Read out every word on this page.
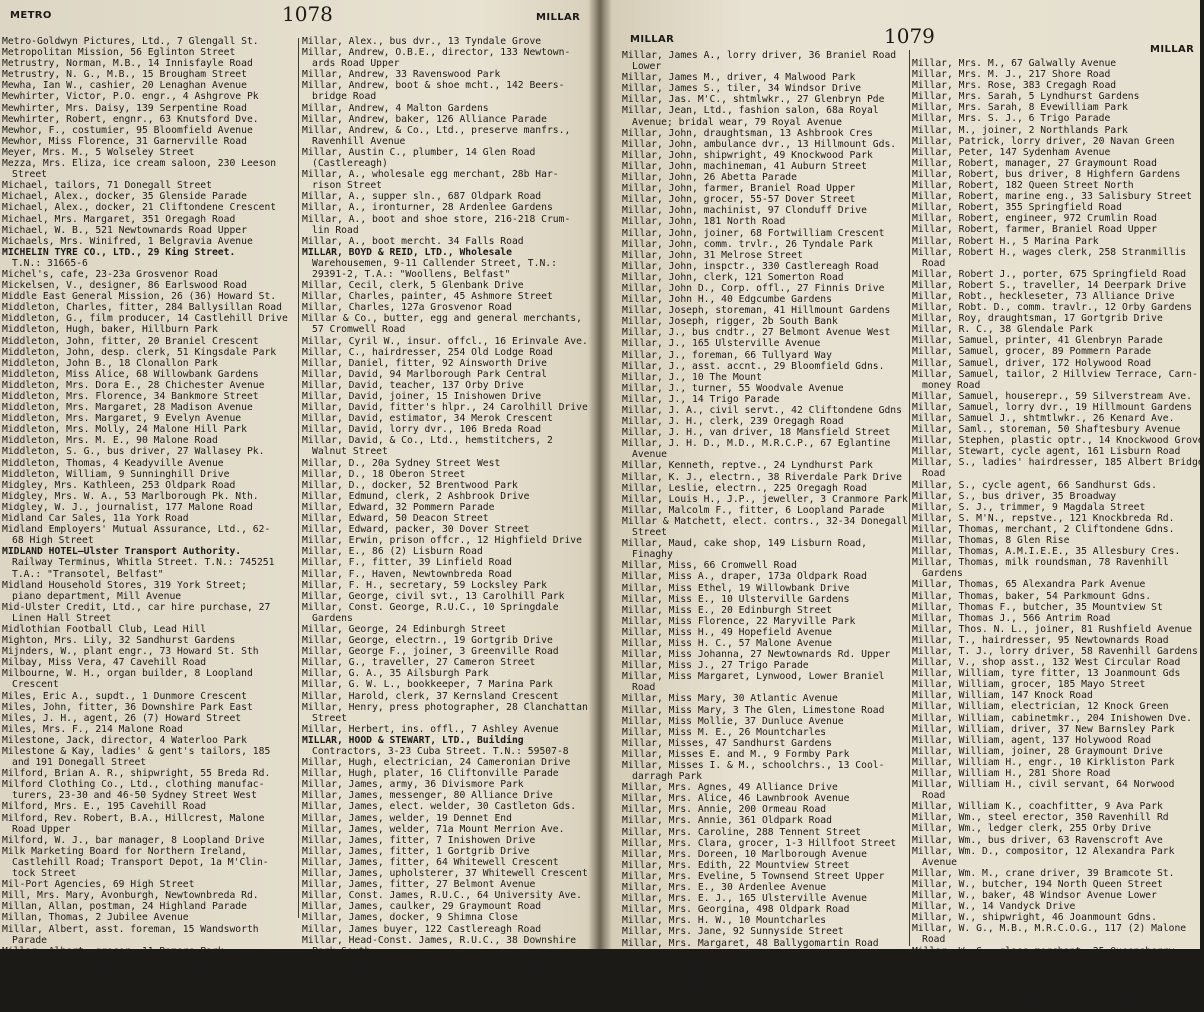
METRO	1078	MILLAR
Metro-Goldwyn Pictures, Ltd., 7 Glengall St.
Metropolitan Mission, 56 Eglinton Street
Metrustry, Norman, M.B., 14 Innisfayle Road
Metrustry, N. G., M.B., 15 Brougham Street
Mewha, Ian W., cashier, 20 Lenaghan Avenue
Mewhirter, Victor, P.O. engr., 4 Ashgrove Pk
Mewhirter, Mrs. Daisy, 139 Serpentine Road
Mewhirter, Robert, engnr., 63 Knutsford Dve.
Mewhor, F., costumier, 95 Bloomfield Avenue
Mewhor, Miss Florence, 31 Garnerville Road
Meyer, Mrs. M., 5 Wolseley Street
Mezza, Mrs. Eliza, ice cream saloon, 230 Leeson
Street
Michael, tailors, 71 Donegall Street
Michael, Alex., docker, 35 Glenside Parade
Michael, Alex., docker, 21 Cliftondene Crescent
Michael, Mrs. Margaret, 351 Oregagh Road
Michael, W. B., 521 Newtownards Road Upper
Michaels, Mrs. Winifred, 1 Belgravia Avenue
MICHELIN TYRE CO., LTD., 29 King Street.
T.N.: 31665-6
Michel's, cafe, 23-23a Grosvenor Road
Mickelsen, V., designer, 86 Earlswood Road
Middle East General Mission, 26 (36) Howard St.
Middleton, Charles, fitter, 284 Ballysillan Road
Middleton, G., film producer, 14 Castlehill Drive
Middleton, Hugh, baker, Hillburn Park
Middleton, John, fitter, 20 Braniel Crescent
Middleton, John, desp. clerk, 51 Kingsdale Park
Middleton, John B., 18 Clonallon Park
Middleton, Miss Alice, 68 Willowbank Gardens
Middleton, Mrs. Dora E., 28 Chichester Avenue
Middleton, Mrs. Florence, 34 Bankmore Street
Middleton, Mrs. Margaret, 28 Madison Avenue
Middleton, Mrs. Margaret, 9 Evelyn Avenue
Middleton, Mrs. Molly, 24 Malone Hill Park
Middleton, Mrs. M. E., 90 Malone Road
Middleton, S. G., bus driver, 27 Wallasey Pk.
Middleton, Thomas, 4 Keadyville Avenue
Middleton, William, 9 Sunninghill Drive
Midgley, Mrs. Kathleen, 253 Oldpark Road
Midgley, Mrs. W. A., 53 Marlborough Pk. Nth.
Midgley, W. J., journalist, 177 Malone Road
Midland Car Sales, 11a York Road
Midland Employers' Mutual Assurance, Ltd., 62-
68 High Street
MIDLAND HOTEL—Ulster Transport Authority.
Railway Terminus, Whitla Street. T.N.: 745251
T.A.: "Transotel, Belfast"
Midland Household Stores, 319 York Street;
piano department, Mill Avenue
Mid-Ulster Credit, Ltd., car hire purchase, 27
Linen Hall Street
Midlothian Football Club, Lead Hill
Mighton, Mrs. Lily, 32 Sandhurst Gardens
Mijnders, W., plant engr., 73 Howard St. Sth
Milbay, Miss Vera, 47 Cavehill Road
Milbourne, W. H., organ builder, 8 Loopland
Crescent
Miles, Eric A., supdt., 1 Dunmore Crescent
Miles, John, fitter, 36 Downshire Park East
Miles, J. H., agent, 26 (7) Howard Street
Miles, Mrs. F., 214 Malone Road
Milestone, Jack, director, 4 Waterloo Park
Milestone & Kay, ladies' & gent's tailors, 185
and 191 Donegall Street
Milford, Brian A. R., shipwright, 55 Breda Rd.
Milford Clothing Co., Ltd., clothing manufac-
turers, 23-30 and 46-50 Sydney Street West
Milford, Mrs. E., 195 Cavehill Road
Milford, Rev. Robert, B.A., Hillcrest, Malone
Road Upper
Milford, W. J., bar manager, 8 Loopland Drive
Milk Marketing Board for Northern Ireland,
Castlehill Road; Transport Depot, 1a M'Clin-
tock Street
Mil-Port Agencies, 69 High Street
Mill, Mrs. Mary, Avonburgh, Newtownbreda Rd.
Millan, Allan, postman, 24 Highland Parade
Millan, Thomas, 2 Jubilee Avenue
Millar, Albert, asst. foreman, 15 Wandsworth
Parade
Millar, Albert, grocer, 11 Ramore Park
Millar, Albert, joiner, 81 Mount Merrion Avenue
Millar, Alex., tobacconist & confctr., 125-127
Connsbrook Avenue
Millar, Alex., bus dvr., 13 Tyndale Grove
Millar, Andrew, O.B.E., director, 133 Newtown-
ards Road Upper
Millar, Andrew, 33 Ravenswood Park
Millar, Andrew, boot & shoe mcht., 142 Beers-
bridge Road
Millar, Andrew, 4 Malton Gardens
Millar, Andrew, baker, 126 Alliance Parade
Millar, Andrew, & Co., Ltd., preserve manfrs.,
Ravenhill Avenue
Millar, Austin C., plumber, 14 Glen Road
(Castlereagh)
Millar, A., wholesale egg merchant, 28b Har-
rison Street
Millar, A., supper sln., 687 Oldpark Road
Millar, A., ironturner, 28 Ardenlee Gardens
Millar, A., boot and shoe store, 216-218 Crum-
lin Road
Millar, A., boot mercht. 34 Falls Road
MILLAR, BOYD & REID, LTD., Wholesale
Warehousemen, 9-11 Callender Street, T.N.:
29391-2, T.A.: "Woollens, Belfast"
Millar, Cecil, clerk, 5 Glenbank Drive
Millar, Charles, painter, 45 Ashmore Street
Millar, Charles, 127a Grosvenor Road
Millar & Co., butter, egg and general merchants,
57 Cromwell Road
Millar, Cyril W., insur. offcl., 16 Erinvale Ave.
Millar, C., hairdresser, 254 Old Lodge Road
Millar, Daniel, fitter, 92 Ainsworth Drive
Millar, David, 94 Marlborough Park Central
Millar, David, teacher, 137 Orby Drive
Millar, David, joiner, 15 Inishowen Drive
Millar, David, fitter's hlpr., 24 Carolhill Drive
Millar, David, estimator, 34 Merok Crescent
Millar, David, lorry dvr., 106 Breda Road
Millar, David, & Co., Ltd., hemstitchers, 2
Walnut Street
Millar, D., 20a Sydney Street West
Millar, D., 18 Oberon Street
Millar, D., docker, 52 Brentwood Park
Millar, Edmund, clerk, 2 Ashbrook Drive
Millar, Edward, 32 Pommern Parade
Millar, Edward, 50 Deacon Street
Millar, Edward, packer, 30 Dover Street
Millar, Erwin, prison offcr., 12 Highfield Drive
Millar, E., 86 (2) Lisburn Road
Millar, F., fitter, 39 Linfield Road
Millar, F., Haven, Newtownbreda Road
Millar, F. H., secretary, 59 Locksley Park
Millar, George, civil svt., 13 Carolhill Park
Millar, Const. George, R.U.C., 10 Springdale
Gardens
Millar, George, 24 Edinburgh Street
Millar, George, electrn., 19 Gortgrib Drive
Millar, George F., joiner, 3 Greenville Road
Millar, G., traveller, 27 Cameron Street
Millar, G. A., 35 Ailsburgh Park
Millar, G. W. L., bookkeeper, 7 Marina Park
Millar, Harold, clerk, 37 Kernsland Crescent
Millar, Henry, press photographer, 28 Clanchattan
Street
Millar, Herbert, ins. offl., 7 Ashley Avenue
MILLAR, HOOD & STEWART, LTD., Building
Contractors, 3-23 Cuba Street. T.N.: 59507-8
Millar, Hugh, electrician, 24 Cameronian Drive
Millar, Hugh, plater, 16 Cliftonville Parade
Millar, James, army, 36 Divismore Park
Millar, James, messenger, 80 Alliance Drive
Millar, James, elect. welder, 30 Castleton Gds.
Millar, James, welder, 19 Dennet End
Millar, James, welder, 71a Mount Merrion Ave.
Millar, James, fitter, 7 Inishowen Drive
Millar, James, fitter, 1 Gortgrib Drive
Millar, James, fitter, 64 Whitewell Crescent
Millar, James, upholsterer, 37 Whitewell Crescent
Millar, James, fitter, 27 Belmont Avenue
Millar, Const. James, R.U.C., 64 University Ave.
Millar, James, caulker, 29 Graymount Road
Millar, James, docker, 9 Shimna Close
Millar, James buyer, 122 Castlereagh Road
Millar, Head-Const. James, R.U.C., 38 Downshire
Park South
Millar, James, lorry driver, 6 Innisfayle Pass
Millar, James A., foreman, 150 West Circular
Road
MILLAR	1079
MILLAR
Millar, James A., lorry driver, 36 Braniel Road
Lower
Millar, James M., driver, 4 Malwood Park
Millar, James S., tiler, 34 Windsor Drive
Millar, Jas. M'C., shtmlwkr., 27 Glenbryn Pde
Millar, Jean, Ltd., fashion salon, 68a Royal
Avenue; bridal wear, 79 Royal Avenue
Millar, John, draughtsman, 13 Ashbrook Cres
Millar, John, ambulance dvr., 13 Hillmount Gds.
Millar, John, shipwright, 49 Knockwood Park
Millar, John, machineman, 41 Auburn Street
Millar, John, 26 Abetta Parade
Millar, John, farmer, Braniel Road Upper
Millar, John, grocer, 55-57 Dover Street
Millar, John, machinist, 97 Clonduff Drive
Millar, John, 181 North Road
Millar, John, joiner, 68 Fortwilliam Crescent
Millar, John, comm. trvlr., 26 Tyndale Park
Millar, John, 31 Melrose Street
Millar, John, inspctr., 330 Castlereagh Road
Millar, John, clerk, 121 Somerton Road
Millar, John D., Corp. offl., 27 Finnis Drive
Millar, John H., 40 Edgcumbe Gardens
Millar, Joseph, storeman, 41 Hillmount Gardens
Millar, Joseph, rigger, 2b South Bank
Millar, J., bus cndtr., 27 Belmont Avenue West
Millar, J., 165 Ulsterville Avenue
Millar, J., foreman, 66 Tullyard Way
Millar, J., asst. accnt., 29 Bloomfield Gdns.
Millar, J., 10 The Mount
Millar, J., turner, 55 Woodvale Avenue
Millar, J., 14 Trigo Parade
Millar, J. A., civil servt., 42 Cliftondene Gdns
Millar, J. H., clerk, 239 Oregagh Road
Millar, J. H., van driver, 18 Mansfield Street
Millar, J. H. D., M.D., M.R.C.P., 67 Eglantine
Avenue
Millar, Kenneth, reptve., 24 Lyndhurst Park
Millar, K. J., electrn., 38 Riverdale Park Drive
Millar, Leslie, electrn., 225 Oregagh Road
Millar, Louis H., J.P., jeweller, 3 Cranmore Park
Millar, Malcolm F., fitter, 6 Loopland Parade
Millar & Matchett, elect. contrs., 32-34 Donegall
Street
Millar, Maud, cake shop, 149 Lisburn Road,
Finaghy
Millar, Miss, 66 Cromwell Road
Millar, Miss A., draper, 173a Oldpark Road
Millar, Miss Ethel, 19 Willowbank Drive
Millar, Miss E., 10 Ulsterville Gardens
Millar, Miss E., 20 Edinburgh Street
Millar, Miss Florence, 22 Maryville Park
Millar, Miss H., 49 Hopefield Avenue
Millar, Miss H. C., 57 Malone Avenue
Millar, Miss Johanna, 27 Newtownards Rd. Upper
Millar, Miss J., 27 Trigo Parade
Millar, Miss Margaret, Lynwood, Lower Braniel
Road
Millar, Miss Mary, 30 Atlantic Avenue
Millar, Miss Mary, 3 The Glen, Limestone Road
Millar, Miss Mollie, 37 Dunluce Avenue
Millar, Miss M. E., 26 Mountcharles
Millar, Misses, 47 Sandhurst Gardens
Millar, Misses E. and M., 9 Formby Park
Millar, Misses I. & M., schoolchrs., 13 Cool-
darragh Park
Millar, Mrs. Agnes, 49 Alliance Drive
Millar, Mrs. Alice, 46 Lawnbrook Avenue
Millar, Mrs. Annie, 200 Ormeau Road
Millar, Mrs. Annie, 361 Oldpark Road
Millar, Mrs. Caroline, 288 Tennent Street
Millar, Mrs. Clara, grocer, 1-3 Hillfoot Street
Millar, Mrs. Doreen, 10 Marlborough Avenue
Millar, Mrs. Edith, 22 Mountview Street
Millar, Mrs. Eveline, 5 Townsend Street Upper
Millar, Mrs. E., 30 Ardenlee Avenue
Millar, Mrs. E. J., 165 Ulsterville Avenue
Millar, Mrs. Georgina, 498 Oldpark Road
Millar, Mrs. H. W., 10 Mountcharles
Millar, Mrs. Jane, 92 Sunnyside Street
Millar, Mrs. Margaret, 48 Ballygomartin Road
Millar, Mrs. Margaret, 47 Glencairn Street
Millar, Mrs. Margaret, 2 Parkend Street
Millar, Mrs. May, 11b Bannagh Corner
Millar, Mrs. May, 69 Locksley Park
Millar, Mrs. May, 46 Wyndham Street
Millar, Mrs. M., 67 Galwally Avenue
Millar, Mrs. M. J., 217 Shore Road
Millar, Mrs. Rose, 383 Cregagh Road
Millar, Mrs. Sarah, 5 Lyndhurst Gardens
Millar, Mrs. Sarah, 8 Evewilliam Park
Millar, Mrs. S. J., 6 Trigo Parade
Millar, M., joiner, 2 Northlands Park
Millar, Patrick, lorry driver, 20 Navan Green
Millar, Peter, 147 Sydenham Avenue
Millar, Robert, manager, 27 Graymount Road
Millar, Robert, bus driver, 8 Highfern Gardens
Millar, Robert, 182 Queen Street North
Millar, Robert, marine eng., 33 Salisbury Street
Millar, Robert, 355 Springfield Road
Millar, Robert, engineer, 972 Crumlin Road
Millar, Robert, farmer, Braniel Road Upper
Millar, Robert H., 5 Marina Park
Millar, Robert H., wages clerk, 258 Stranmillis
Road
Millar, Robert J., porter, 675 Springfield Road
Millar, Robert S., traveller, 14 Deerpark Drive
Millar, Robt., heckleseter, 73 Alliance Drive
Millar, Robt. D., comm. travlr., 12 Orby Gardens
Millar, Roy, draughtsman, 17 Gortgrib Drive
Millar, R. C., 38 Glendale Park
Millar, Samuel, printer, 41 Glenbryn Parade
Millar, Samuel, grocer, 89 Pommern Parade
Millar, Samuel, driver, 172 Holywood Road
Millar, Samuel, tailor, 2 Hillview Terrace, Carn-
money Road
Millar, Samuel, houserepr., 59 Silverstream Ave.
Millar, Samuel, lorry dvr., 19 Hillmount Gardens
Millar, Samuel J., shtmtlwkr., 26 Kenard Ave.
Millar, Saml., storeman, 50 Shaftesbury Avenue
Millar, Stephen, plastic optr., 14 Knockwood Grove
Millar, Stewart, cycle agent, 161 Lisburn Road
Millar, S., ladies' hairdresser, 185 Albert Bridge
Road
Millar, S., cycle agent, 66 Sandhurst Gds.
Millar, S., bus driver, 35 Broadway
Millar, S. J., trimmer, 9 Magdala Street
Millar, S. M'N., repstve., 121 Knockbreda Rd.
Millar, Thomas, merchant, 2 Cliftondene Gdns.
Millar, Thomas, 8 Glen Rise
Millar, Thomas, A.M.I.E.E., 35 Allesbury Cres.
Millar, Thomas, milk roundsman, 78 Ravenhill
Gardens
Millar, Thomas, 65 Alexandra Park Avenue
Millar, Thomas, baker, 54 Parkmount Gdns.
Millar, Thomas F., butcher, 35 Mountview St
Millar, Thomas J., 566 Antrim Road
Millar, Thos. N. L., joiner, 81 Rushfield Avenue
Millar, T., hairdresser, 95 Newtownards Road
Millar, T. J., lorry driver, 58 Ravenhill Gardens
Millar, V., shop asst., 132 West Circular Road
Millar, William, tyre fitter, 13 Joanmount Gds
Millar, William, grocer, 185 Mayo Street
Millar, William, 147 Knock Road
Millar, William, electrician, 12 Knock Green
Millar, William, cabinetmkr., 204 Inishowen Dve.
Millar, William, driver, 37 New Barnsley Park
Millar, William, agent, 137 Holywood Road
Millar, William, joiner, 28 Graymount Drive
Millar, William H., engr., 10 Kirkliston Park
Millar, William H., 281 Shore Road
Millar, William H., civil servant, 64 Norwood
Road
Millar, William K., coachfitter, 9 Ava Park
Millar, Wm., steel erector, 350 Ravenhill Rd
Millar, Wm., ledger clerk, 255 Orby Drive
Millar, Wm., bus driver, 63 Ravenscroft Ave
Millar, Wm. D., compositor, 12 Alexandra Park
Avenue
Millar, Wm. M., crane driver, 39 Bramcote St.
Millar, W., butcher, 194 North Queen Street
Millar, W., baker, 48 Windsor Avenue Lower
Millar, W., 14 Vandyck Drive
Millar, W., shipwright, 46 Joanmount Gdns.
Millar, W. G., M.B., M.R.C.O.G., 117 (2) Malone
Road
Millar, W. G., glass merchant, 25 Queensberry
Park
Millar, W. G., & Son, paint and glass merchts.,
55a Sunnyside Street
Millar, W. I., traveller, 91 Knock Eden Park
Millar, W. J., dairyman, 91 Tennent Street
